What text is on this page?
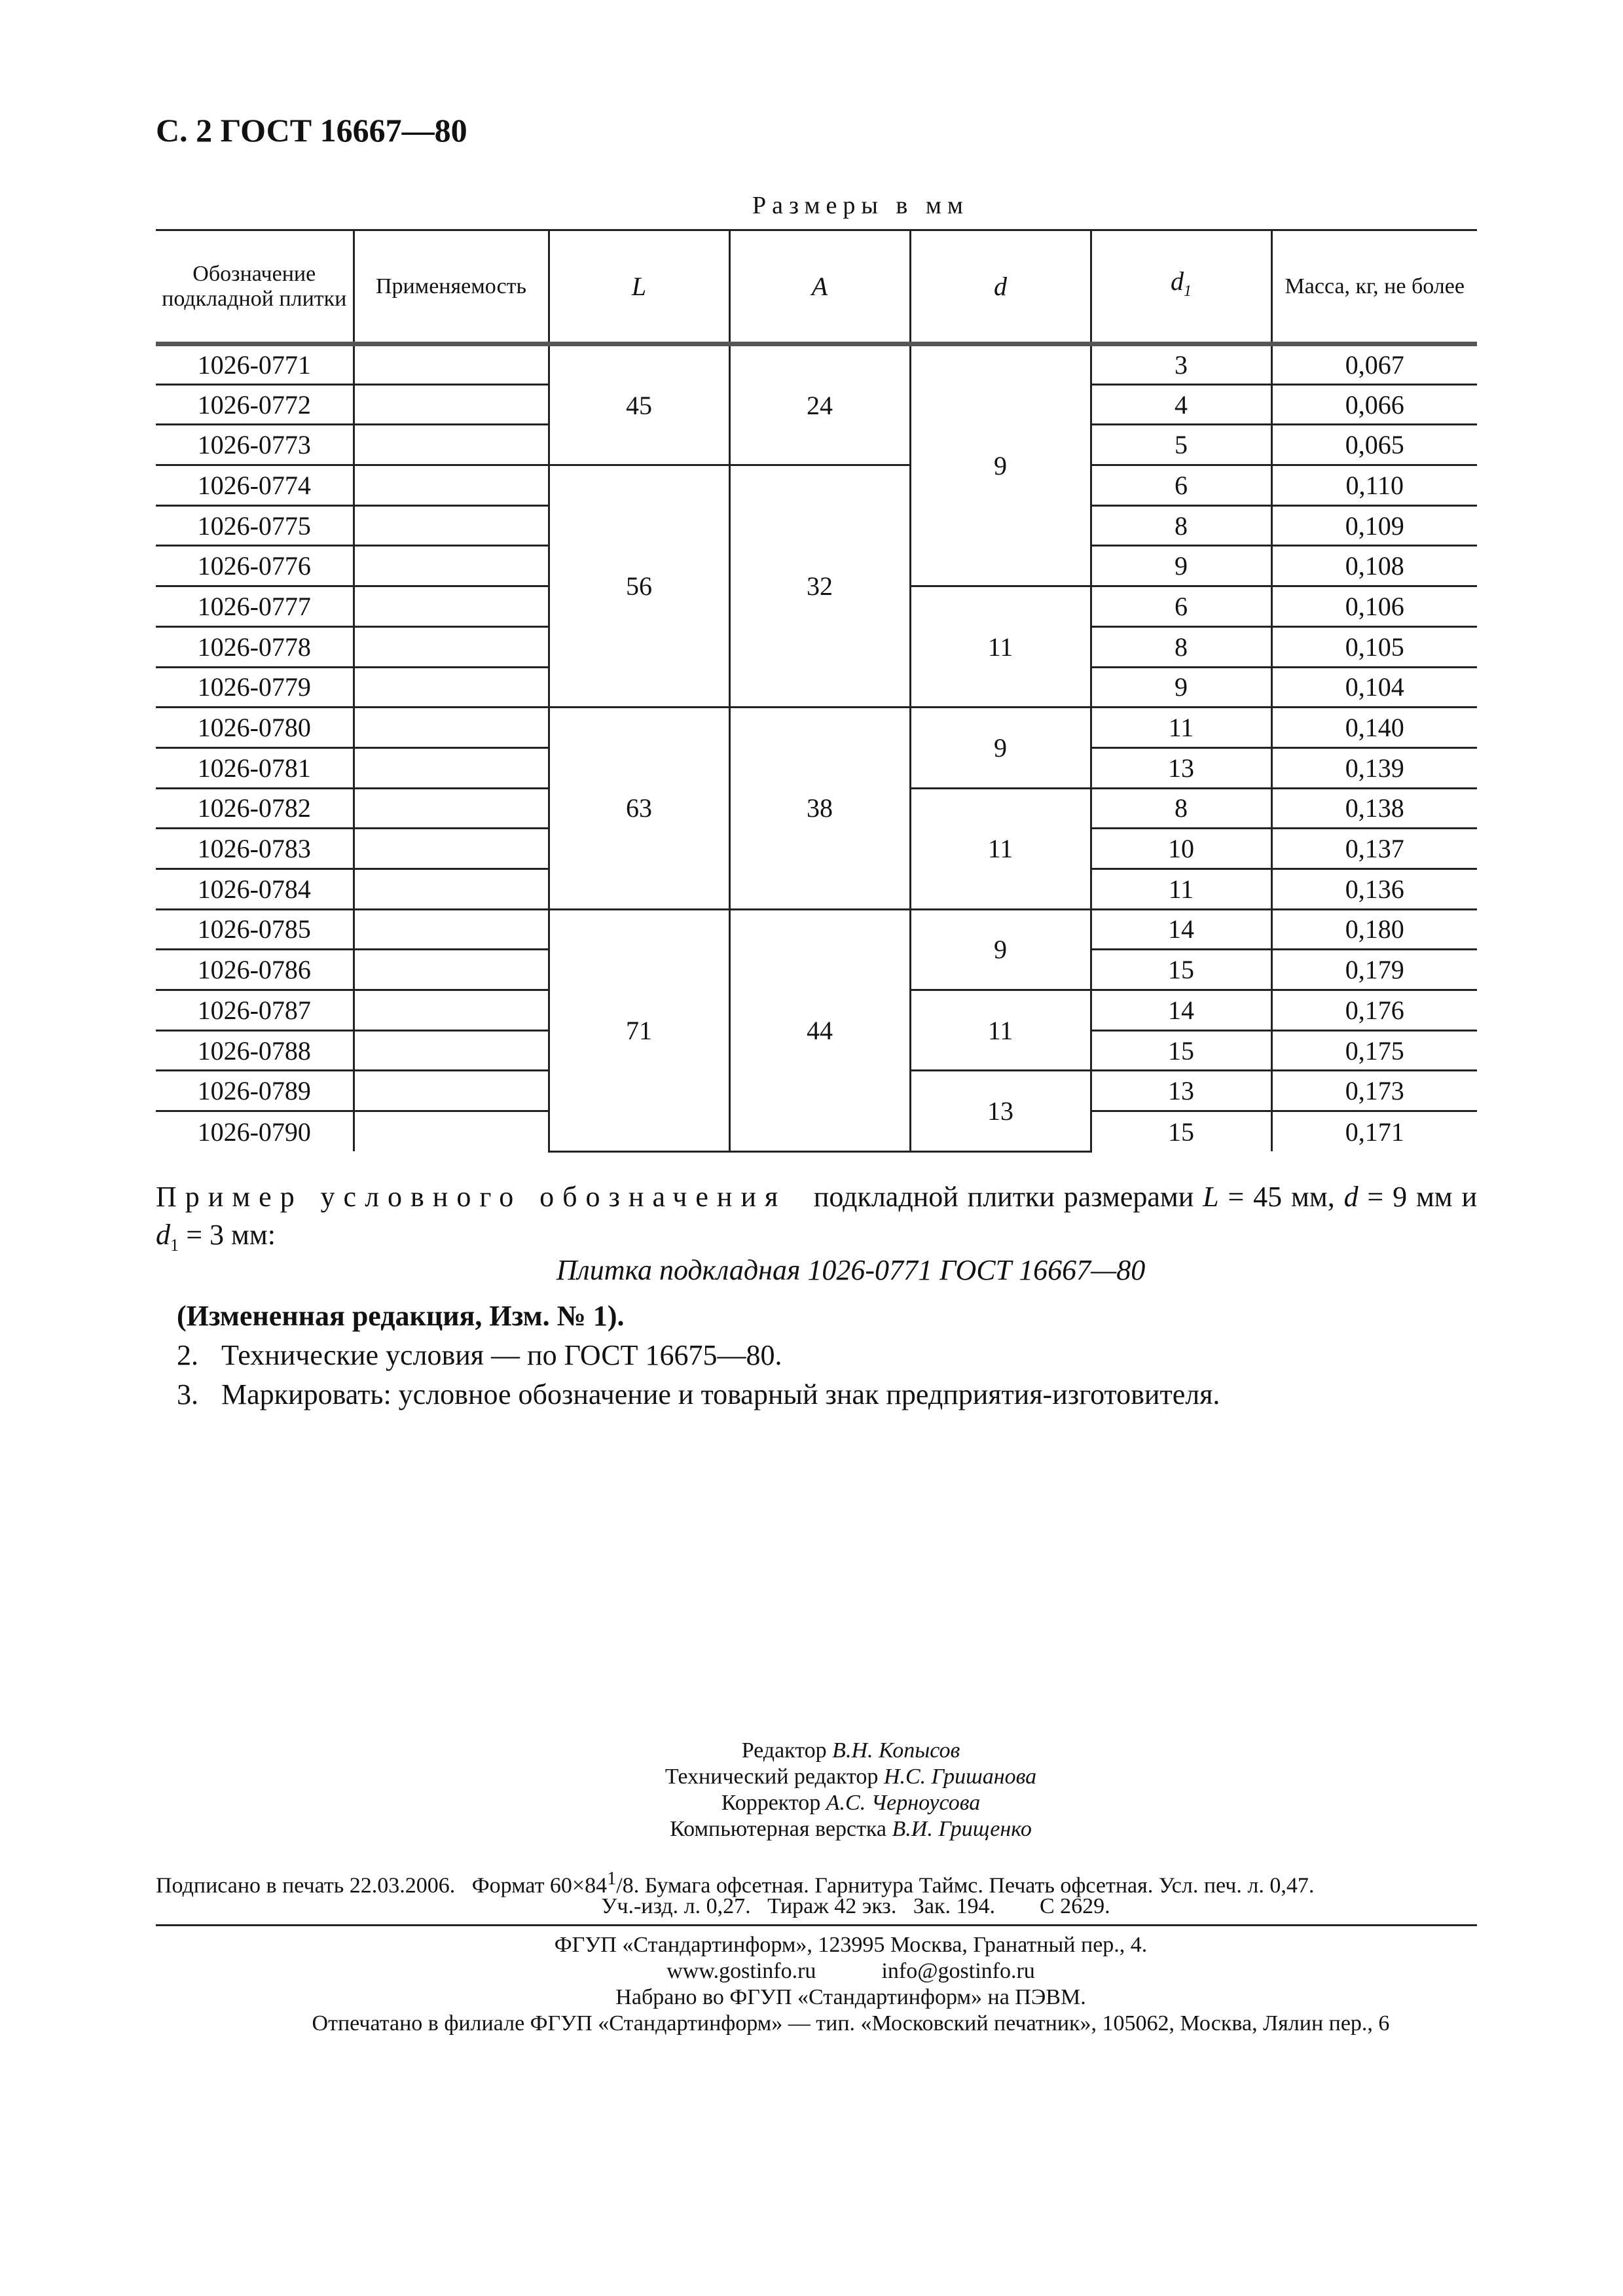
С. 2 ГОСТ 16667—80
Размеры в мм
Обозначение подкладной плитки	Применяемость	L	A	d	$d_1$	Масса, кг, не более
1026-0771		45	24	9	3	0,067
1026-0772					4	0,066
1026-0773					5	0,065
1026-0774		56	32		6	0,110
1026-0775					8	0,109
1026-0776					9	0,108
1026-0777				11	6	0,106
1026-0778					8	0,105
1026-0779					9	0,104
1026-0780		63	38	9	11	0,140
1026-0781					13	0,139
1026-0782				11	8	0,138
1026-0783					10	0,137
1026-0784					11	0,136
1026-0785		71	44	9	14	0,180
1026-0786					15	0,179
1026-0787				11	14	0,176
1026-0788					15	0,175
1026-0789				13	13	0,173
1026-0790					15	0,171
Пример условного обозначения подкладной плитки размерами L = 45 мм, d = 9 мм и $d_1 = 3$ мм:
Плитка подкладная 1026-0771 ГОСТ 16667—80
(Измененная редакция, Изм. № 1).
2. Технические условия — по ГОСТ 16675—80.
3. Маркировать: условное обозначение и товарный знак предприятия-изготовителя.
Редактор В.Н. Копысов
Технический редактор Н.С. Гришанова
Корректор А.С. Черноусова
Компьютерная верстка В.И. Грищенко
Подписано в печать 22.03.2006. Формат $60\times 84^1/8$. Бумага офсетная. Гарнитура Таймс. Печать офсетная. Усл. печ. л. 0,47.
Уч.-изд. л. 0,27.   Тираж 42 экз.   Зак. 194.        С 2629.
ФГУП «Стандартинформ», 123995 Москва, Гранатный пер., 4.
www.gostinfo.ru	info@gostinfo.ru
Набрано во ФГУП «Стандартинформ» на ПЭВМ.
Отпечатано в филиале ФГУП «Стандартинформ» — тип. «Московский печатник», 105062, Москва, Лялин пер., 6
